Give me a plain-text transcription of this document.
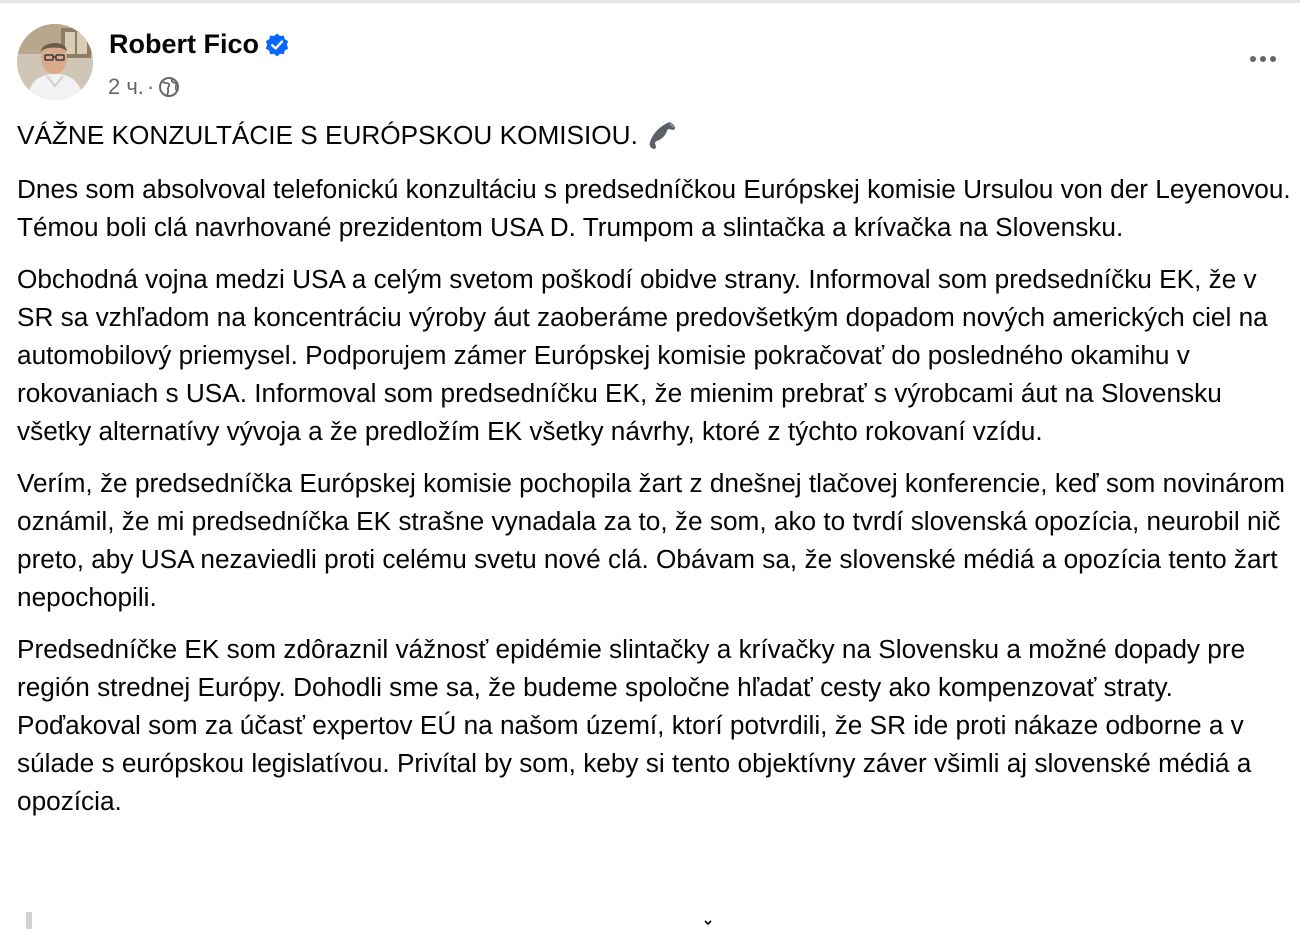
Robert Fico
2 ч. ·

VÁŽNE KONZULTÁCIE S EURÓPSKOU KOMISIOU.

Dnes som absolvoval telefonickú konzultáciu s predsedníčkou Európskej komisie Ursulou von der Leyenovou. Témou boli clá navrhované prezidentom USA D. Trumpom a slintačka a krívačka na Slovensku.

Obchodná vojna medzi USA a celým svetom poškodí obidve strany. Informoval som predsedníčku EK, že v SR sa vzhľadom na koncentráciu výroby áut zaoberáme predovšetkým dopadom nových amerických ciel na automobilový priemysel. Podporujem zámer Európskej komisie pokračovať do posledného okamihu v rokovaniach s USA. Informoval som predsedníčku EK, že mienim prebrať s výrobcami áut na Slovensku všetky alternatívy vývoja a že predložím EK všetky návrhy, ktoré z týchto rokovaní vzídu.

Verím, že predsedníčka Európskej komisie pochopila žart z dnešnej tlačovej konferencie, keď som novinárom oznámil, že mi predsedníčka EK strašne vynadala za to, že som, ako to tvrdí slovenská opozícia, neurobil nič preto, aby USA nezaviedli proti celému svetu nové clá. Obávam sa, že slovenské médiá a opozícia tento žart nepochopili.

Predsedníčke EK som zdôraznil vážnosť epidémie slintačky a krívačky na Slovensku a možné dopady pre región strednej Európy. Dohodli sme sa, že budeme spoločne hľadať cesty ako kompenzovať straty. Poďakoval som za účasť expertov EÚ na našom území, ktorí potvrdili, že SR ide proti nákaze odborne a v súlade s európskou legislatívou. Privítal by som, keby si tento objektívny záver všimli aj slovenské médiá a opozícia.
